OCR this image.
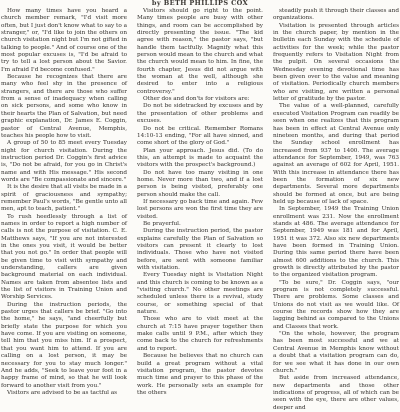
by BETH PHILLIPS COX

How many times have you heard a church member remark, "I'd visit more often, but I just don't know what to say to a stranger," or, "I'd like to join the others on church visitation night but I'm not gifted in talking to people." And of course one of the most popular excuses is, "I'd be afraid to try to tell a lost person about the Savior. I'm afraid I'd become confused."

Because he recognizes that there are many who feel shy in the presence of strangers, and there are those who suffer from a sense of inadequacy when calling on sick persons, and some who know in their hearts the Plan of Salvation, but need graphic explanation, Dr. James E. Coggin, pastor of Central Avenue, Memphis, teaches his people how to visit.

A group of 50 to 85 meet every Tuesday night for church visitation. During the instruction period Dr. Coggin's first advice is, "Do not be afraid, for you go in Christ's name and with His message." His second words are "Be compassionate and sincere."

It is the desire that all visits be made in a spirit of graciousness and sympathy; remember Paul's words, "Be gentle unto all men, apt to teach, patient."

To rush heedlessly through a list of names in order to report a high number of calls is not the purpose of visitation. C. E. Matthews says, "If you are not interested in the ones you visit, it would be better that you not go." In order that people will be given time to visit with sympathy and understanding, callers are given background material on each individual. Names are taken from absentee lists and the list of visitors in Training Union and Worship Services.

During the instruction periods, the pastor urges that callers be brief. "Go into the home," he says, "and cheerfully but briefly state the purpose for which you have come. If you are visiting on someone, tell him that you miss him. If a prospect, that you want him to attend. If you are calling on a lost person, it may be necessary for you to stay much longer." And he adds, "Seek to leave your foot in a happy frame of mind, so that he will look forward to another visit from you."

Visitors are advised to be as tactful as

Visitors should go right to the point. Many times people are busy with other things, and room can be accomplished by directly presenting the issue. "The kid agree with reason," the pastor says, "but handle them tactfully. Magnify what this person would mean to the church and what the church would mean to him. In fine, the fourth chapter, Jesus did not argue with the woman at the well, although she desired to enter into a religious controversy."

Other dos and don'ts for visitors are:

Do not be sidetracked by excuses and by the presentation of other problems and excuses.

Do not be critical. Remember Romans 14:10-13 ending, "For all have sinned, and come short of the glory of God."

Plan your approach. Jesus did. (To do this, an attempt is made to acquaint the visitors with the prospect's background.)

Do not have too many visiting in one home. Never more than two, and if a lost person is being visited, preferably one person should make the call.

If necessary go back time and again. Few lost persons are won the first time they are visited.

Be prayerful.

During the instruction period, the pastor explains carefully the Plan of Salvation so visitors can present it clearly to lost individuals. Those who have not visited before, are sent with someone familiar with visitation.

Every Tuesday night is Visitation Night and this church is coming to be known as a "visiting church." No other meetings are scheduled unless there is a revival, study course, or something special of that nature.

Those who are to visit meet at the church at 7:15 have prayer together then make calls until 9 P.M., after which they come back to the church for refreshments and to report.

Because he believes that no church can build a great program without a vital visitation program, the pastor devotes much time and prayer to this phase of the work. He personally sets an example for the others

steadily push it through their classes and organizations.

Visitation is presented through articles in the church paper, by mention in the bulletin each Sunday with the schedule of activities for the week; while the pastor frequently refers to Visitation Night from the pulpit. On several occasions the Wednesday evening devotional time has been given over to the value and meaning of visitation. Periodically church members who are visiting, are written a personal letter of gratitude by the pastor.

The value of a well-planned, carefully executed Visitation Program can readily be seen when one realizes that this program has been in effect at Central Avenue only nineteen months, and during that period the Sunday school enrollment has increased from 937 to 1400. The average attendance for September, 1949, was 763 against an average of 602 for April, 1951. With this increase in attendance there has been the formation of six new departments. Several more departments should be formed at once, but are being held up because of lack of space.

In September, 1949 the Training Union enrollment was 231. Now the enrollment stands at 486. The average attendance for September, 1949 was 181 and for April, 1951 it was 372. Also six new departments have been formed in Training Union. During this same period there have been almost 600 additions to the church. This growth is directly attributed by the pastor to the organized visitation program.

"To be sure," Dr. Coggin says, "our program is not completely successful. There are problems. Some classes and Unions do not visit as we would like. Of course the records show how they are lagging behind as compared to the Unions and Classes that work.

"On the whole, however, the program has been most successful and we at Central Avenue in Memphis know without a doubt that a visitation program can do, for we see what it has done in our own church."

But aside from increased attendance, new departments and those other indications of progress, all of which can be seen with the eye, there are other values, deeper and
